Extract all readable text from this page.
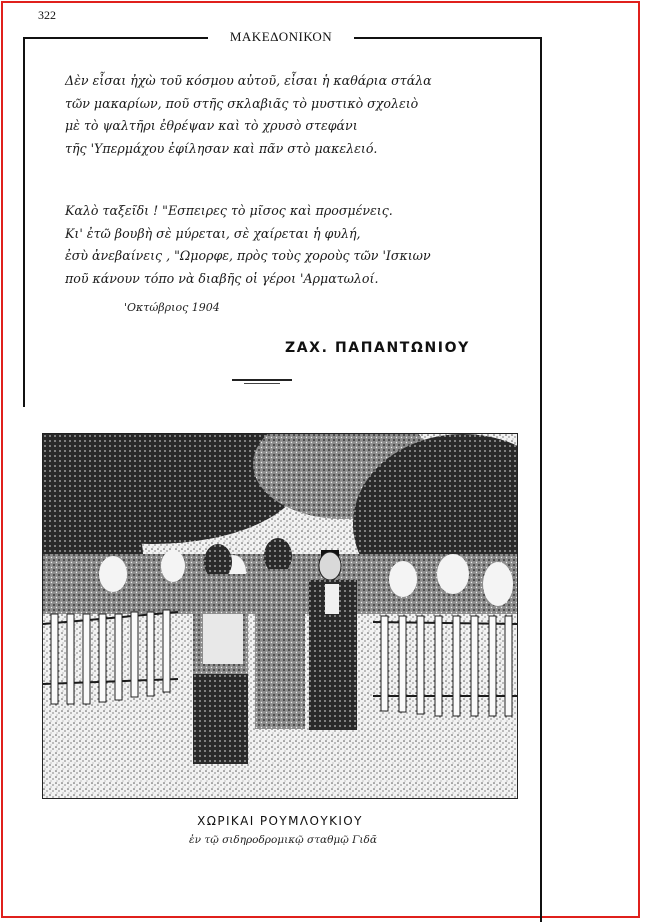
322
ΜΑΚΕΔΟΝΙΚΟΝ
Δὲν εἶσαι ἠχὼ τοῦ κόσμου αὐτοῦ, εἶσαι ἡ καθάρια στάλα
τῶν μακαρίων, ποῦ στῆς σκλαβιᾶς τὸ μυστικὸ σχολειὸ
μὲ τὸ ψαλτῆρι ἐθρέψαν καὶ τὸ χρυσὸ στεφάνι
τῆς 'Υπερμάχου ἐφίλησαν καὶ πᾶν στὸ μακελειό.
Καλὸ ταξεῖδι ! "Εσπειρες τὸ μῖσος καὶ προσμένεις.
Κι' ἐτῶ βουβὴ σὲ μύρεται, σὲ χαίρεται ἡ φυλή,
ἐσὺ ἀνεβαίνεις , "Ωμορφε, πρὸς τοὺς χοροὺς τῶν 'Ισκιων
ποῦ κάνουν τόπο νὰ διαβῆς οἱ γέροι 'Αρματωλοί.
'Οκτώβριος 1904
ΖΑΧ. ΠΑΠΑΝΤΩΝΙΟΥ
ΧΩΡΙΚΑΙ ΡΟΥΜΛΟΥΚΙΟΥ
ἐν τῷ σιδηροδρομικῷ σταθμῷ Γιδᾶ
